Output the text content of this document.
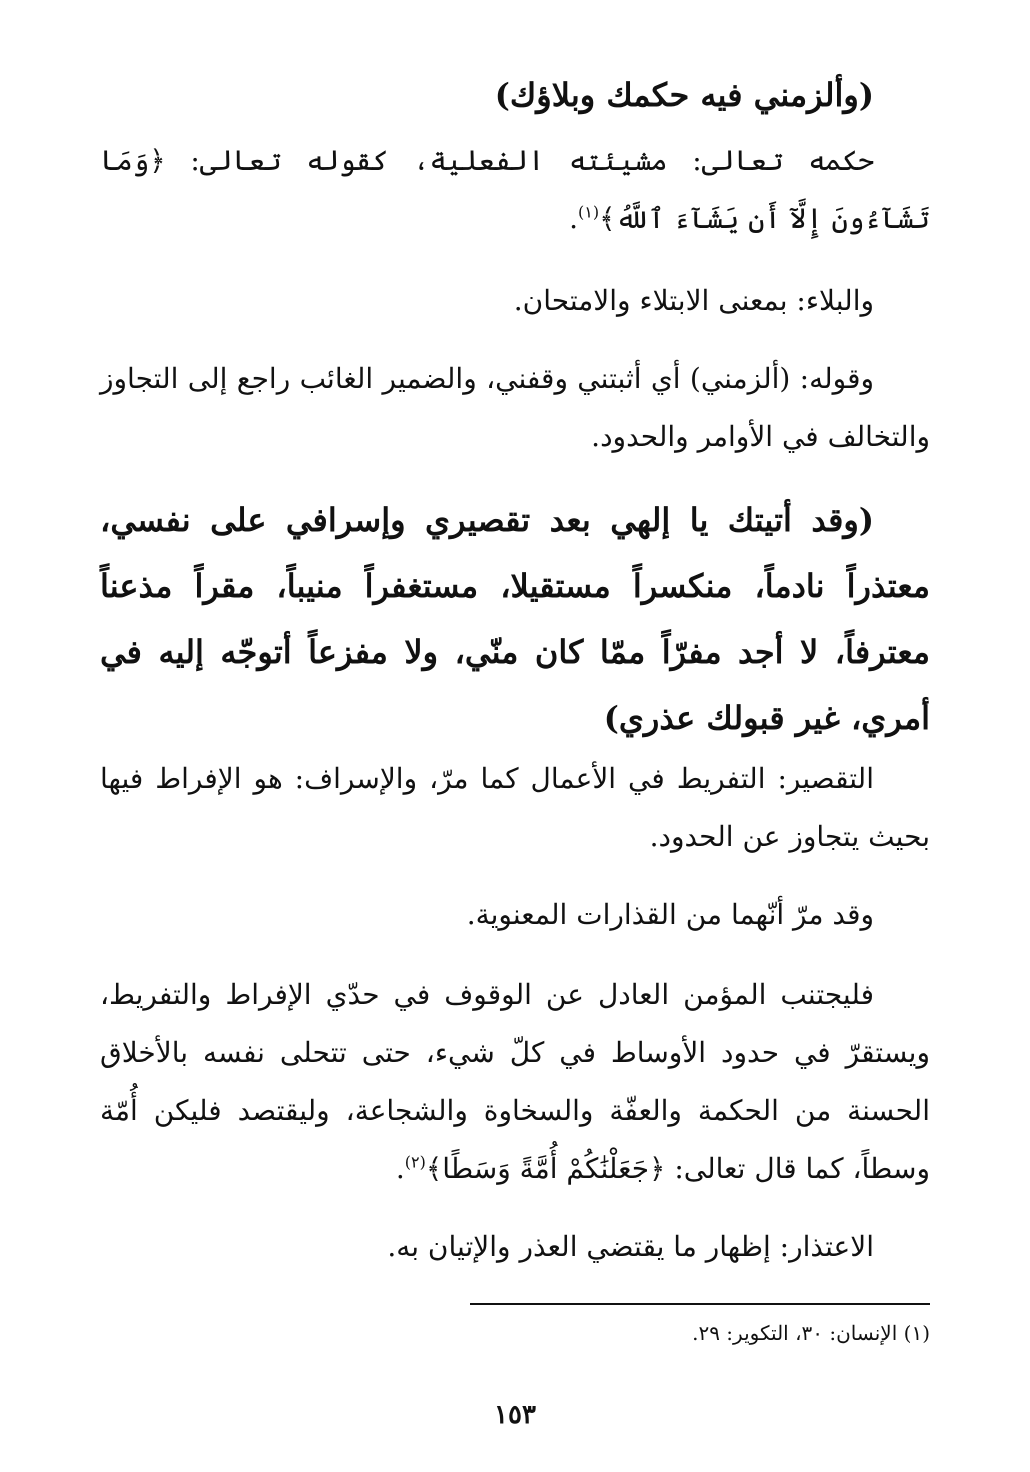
(وألزمني فيه حكمك وبلاؤك)

حكمه تعالى: مشيئته الفعلية، كقوله تعالى: ﴿وَمَا تَشَآءُونَ إِلَّآ أَن يَشَآءَ ٱللَّهُ﴾$^{(١)}$.

والبلاء: بمعنى الابتلاء والامتحان.

وقوله: (ألزمني) أي أثبتني وقفني، والضمير الغائب راجع إلى التجاوز والتخالف في الأوامر والحدود.

(وقد أتيتك يا إلهي بعد تقصيري وإسرافي على نفسي، معتذراً نادماً، منكسراً مستقيلا، مستغفراً منيباً، مقراً مذعناً معترفاً، لا أجد مفرّاً ممّا كان منّي، ولا مفزعاً أتوجّه إليه في أمري، غير قبولك عذري)

التقصير: التفريط في الأعمال كما مرّ، والإسراف: هو الإفراط فيها بحيث يتجاوز عن الحدود.

وقد مرّ أنّهما من القذارات المعنوية.

فليجتنب المؤمن العادل عن الوقوف في حدّي الإفراط والتفريط، ويستقرّ في حدود الأوساط في كلّ شيء، حتى تتحلى نفسه بالأخلاق الحسنة من الحكمة والعفّة والسخاوة والشجاعة، وليقتصد فليكن أُمّة وسطاً، كما قال تعالى: ﴿جَعَلْنَٰكُمْ أُمَّةً وَسَطًا﴾$^{(٢)}$.

الاعتذار: إظهار ما يقتضي العذر والإتيان به.

(١) الإنسان: ٣٠، التكوير: ٢٩.
١٥٣
